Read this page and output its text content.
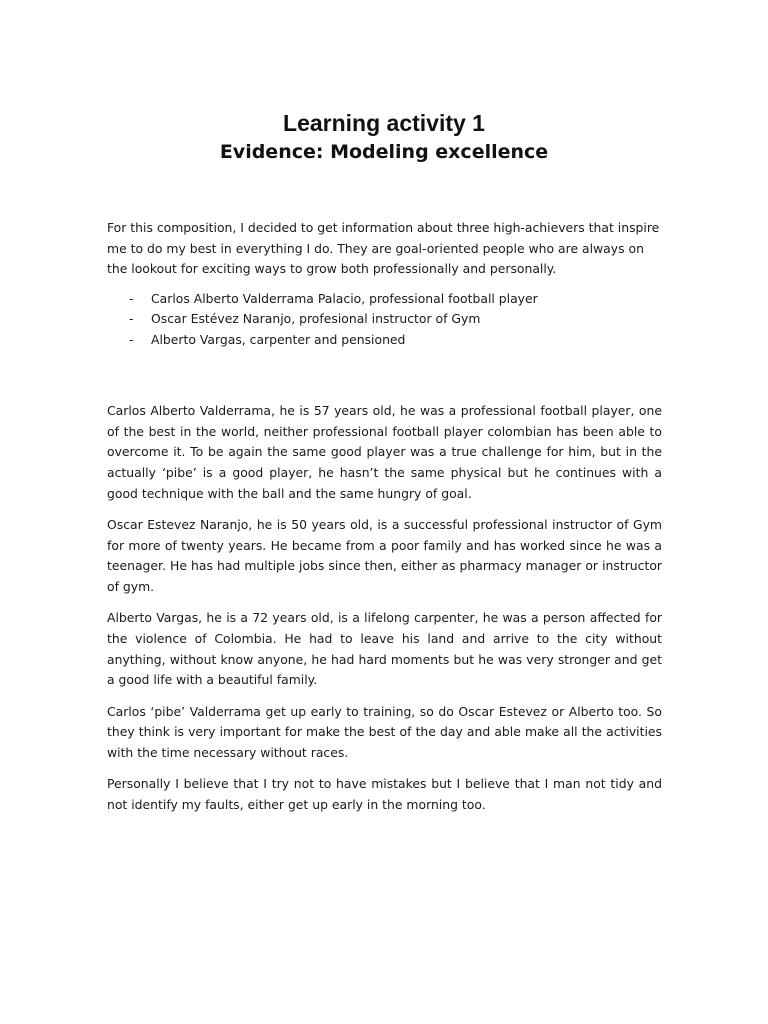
Learning activity 1
Evidence: Modeling excellence
For this composition, I decided to get information about three high-achievers that inspire me to do my best in everything I do. They are goal-oriented people who are always on the lookout for exciting ways to grow both professionally and personally.
- Carlos Alberto Valderrama Palacio, professional football player
- Oscar Estévez Naranjo, profesional instructor of Gym
- Alberto Vargas, carpenter and pensioned

Carlos Alberto Valderrama, he is 57 years old, he was a professional football player, one of the best in the world, neither professional football player colombian has been able to overcome it. To be again the same good player was a true challenge for him, but in the actually ‘pibe’ is a good player, he hasn’t the same physical but he continues with a good technique with the ball and the same hungry of goal.

Oscar Estevez Naranjo, he is 50 years old, is a successful professional instructor of Gym for more of twenty years. He became from a poor family and has worked since he was a teenager. He has had multiple jobs since then, either as pharmacy manager or instructor of gym.

Alberto Vargas, he is a 72 years old, is a lifelong carpenter, he was a person affected for the violence of Colombia. He had to leave his land and arrive to the city without anything, without know anyone, he had hard moments but he was very stronger and get a good life with a beautiful family.

Carlos ‘pibe’ Valderrama get up early to training, so do Oscar Estevez or Alberto too. So they think is very important for make the best of the day and able make all the activities with the time necessary without races.

Personally I believe that I try not to have mistakes but I believe that I man not tidy and not identify my faults, either get up early in the morning too.
